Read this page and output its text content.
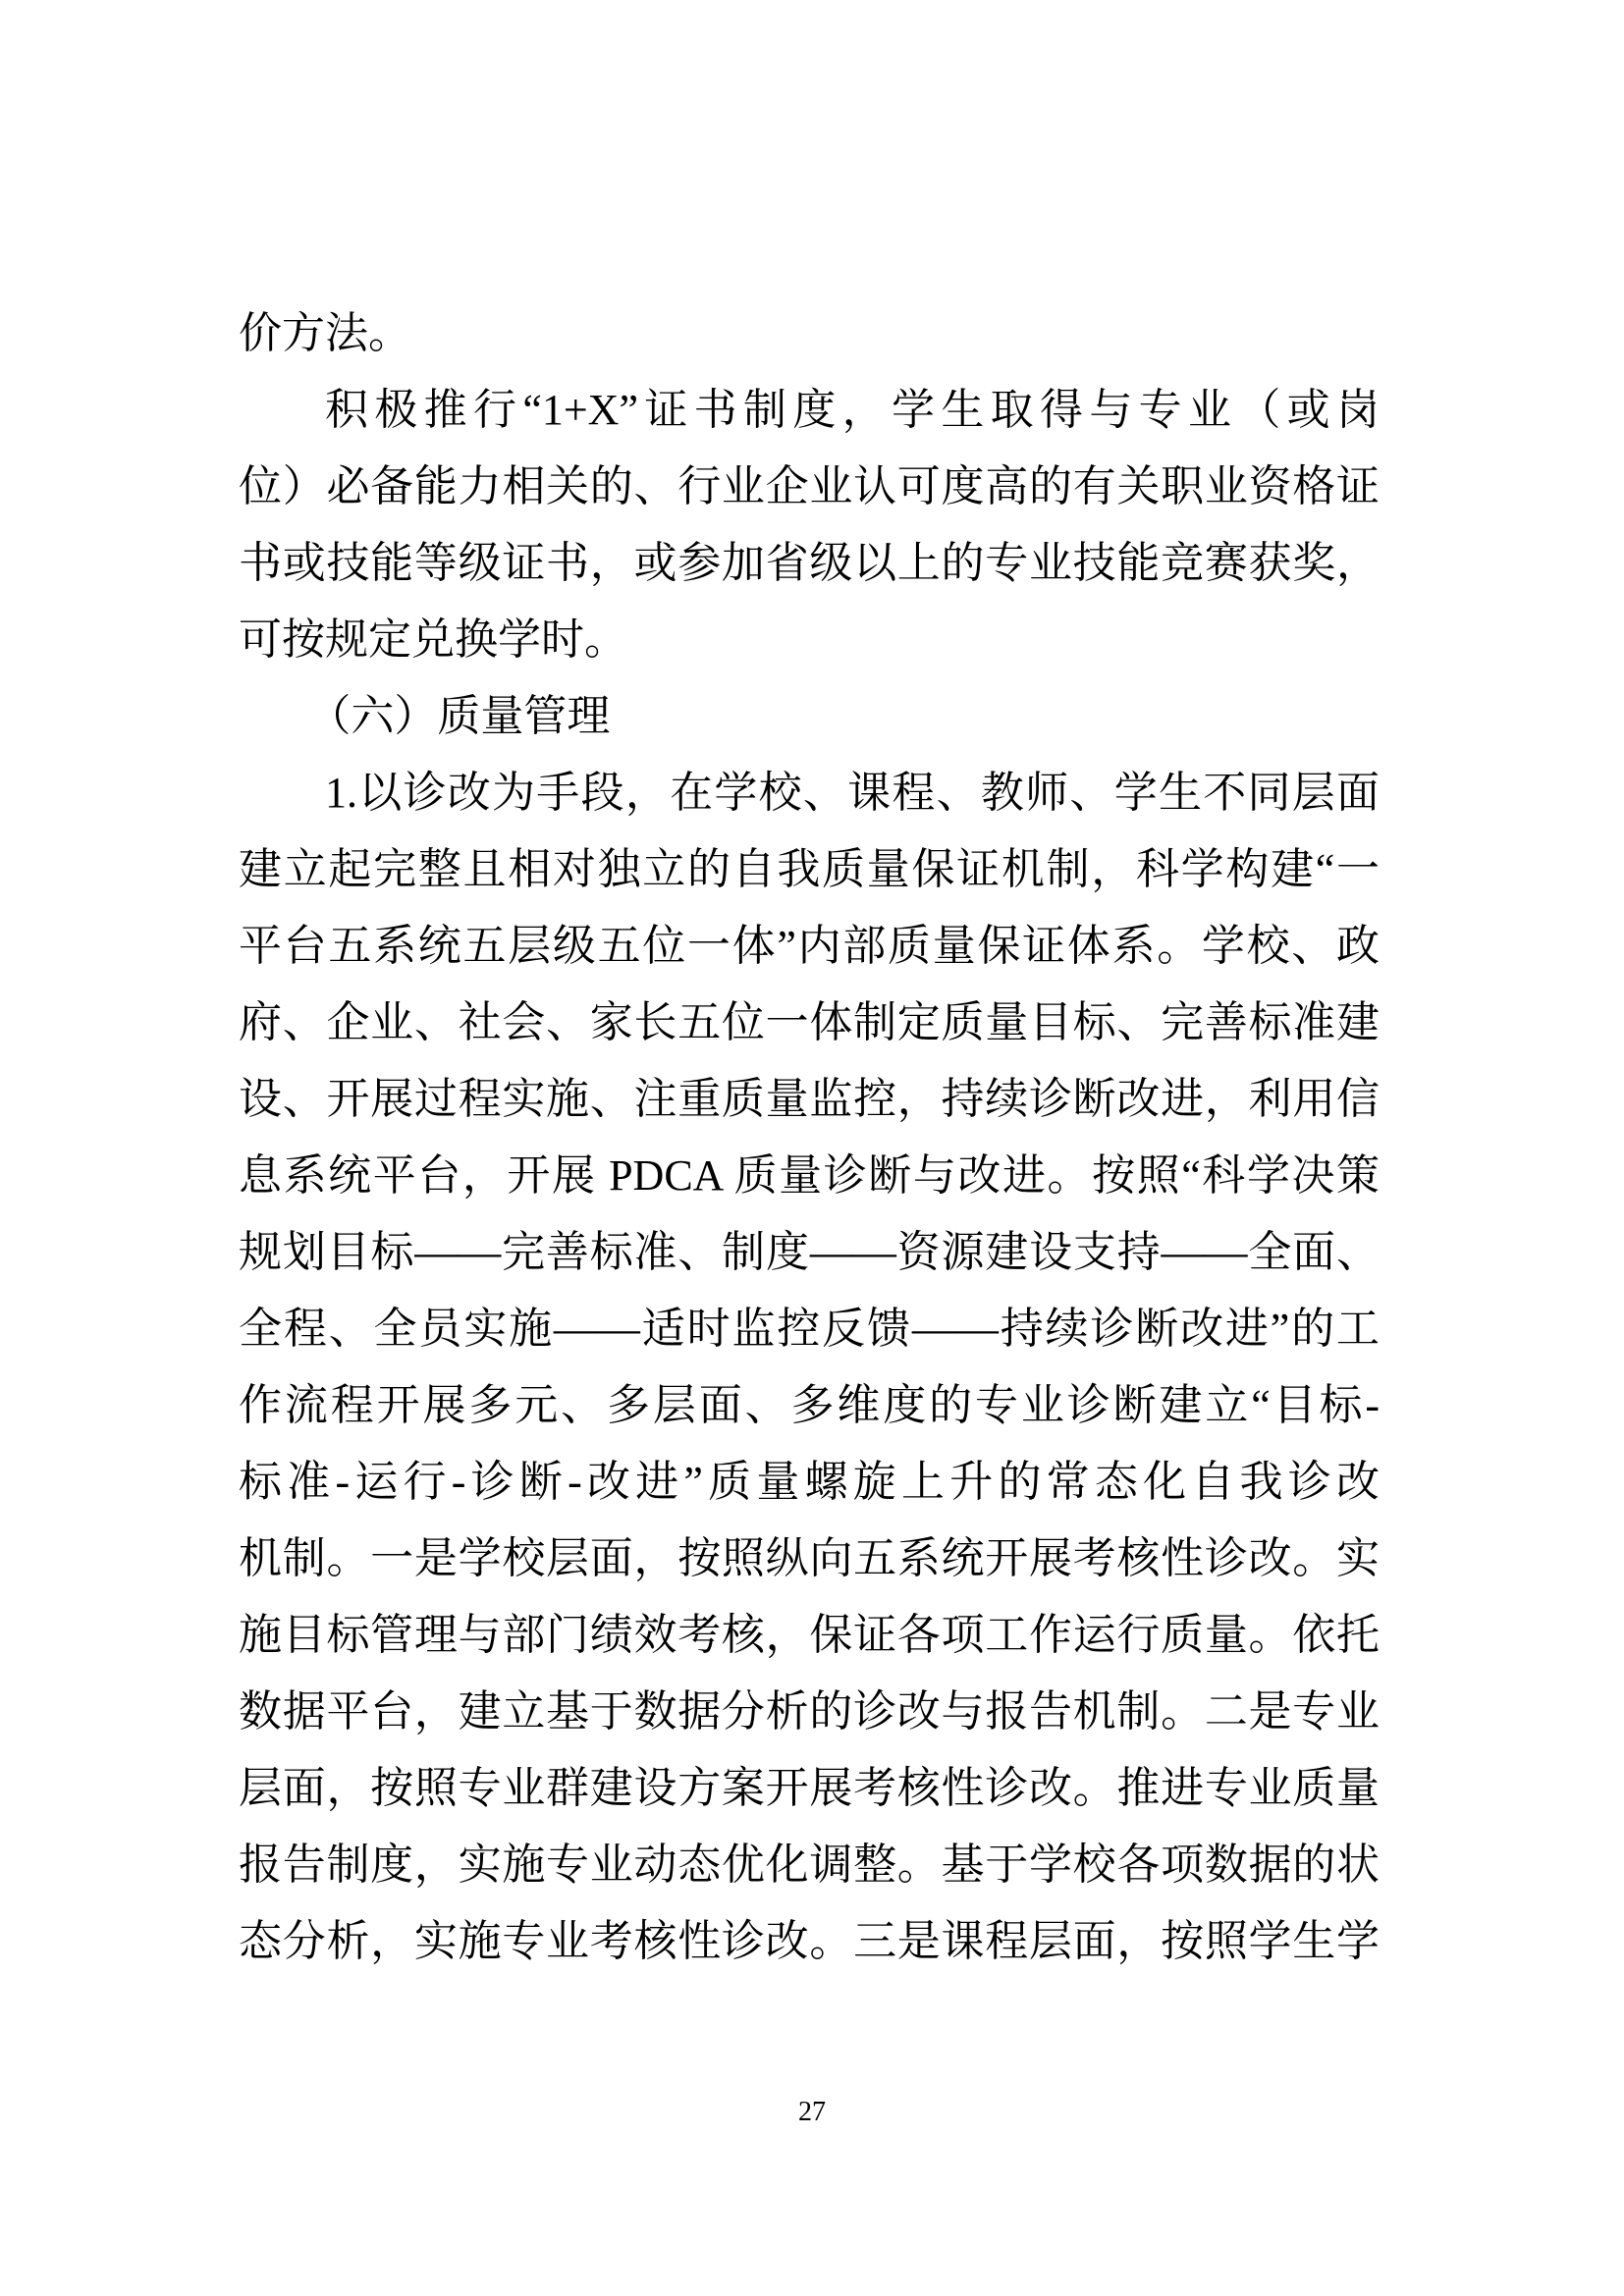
价方法。
积极推行“1+X”证书制度，学生取得与专业（或岗
位）必备能力相关的、行业企业认可度高的有关职业资格证
书或技能等级证书，或参加省级以上的专业技能竞赛获奖，
可按规定兑换学时。
（六）质量管理
1.以诊改为手段，在学校、课程、教师、学生不同层面
建立起完整且相对独立的自我质量保证机制，科学构建“一
平台五系统五层级五位一体”内部质量保证体系。学校、政
府、企业、社会、家长五位一体制定质量目标、完善标准建
设、开展过程实施、注重质量监控，持续诊断改进，利用信
息系统平台，开展 PDCA 质量诊断与改进。按照“科学决策
规划目标——完善标准、制度——资源建设支持——全面、
全程、全员实施——适时监控反馈——持续诊断改进”的工
作流程开展多元、多层面、多维度的专业诊断建立“目标-
标准-运行-诊断-改进”质量螺旋上升的常态化自我诊改
机制。一是学校层面，按照纵向五系统开展考核性诊改。实
施目标管理与部门绩效考核，保证各项工作运行质量。依托
数据平台，建立基于数据分析的诊改与报告机制。二是专业
层面，按照专业群建设方案开展考核性诊改。推进专业质量
报告制度，实施专业动态优化调整。基于学校各项数据的状
态分析，实施专业考核性诊改。三是课程层面，按照学生学
27
